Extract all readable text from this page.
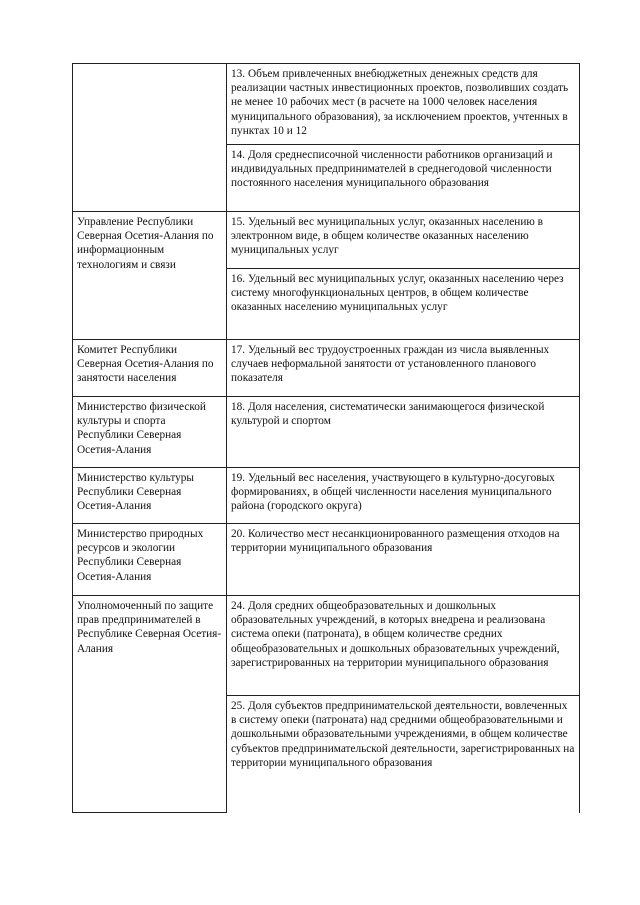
	13. Объем привлеченных внебюджетных денежных средств для реализации частных инвестиционных проектов, позволивших создать не менее 10 рабочих мест (в расчете на 1000 человек населения муниципального образования), за исключением проектов, учтенных в пунктах 10 и 12

	14. Доля среднесписочной численности работников организаций и индивидуальных предпринимателей в среднегодовой численности постоянного населения муниципального образования

Управление Республики Северная Осетия-Алания по информационным технологиям и связи	15. Удельный вес муниципальных услуг, оказанных населению в электронном виде, в общем количестве оказанных населению муниципальных услуг

	16. Удельный вес муниципальных услуг, оказанных населению через систему многофункциональных центров, в общем количестве оказанных населению муниципальных услуг

Комитет Республики Северная Осетия-Алания по занятости населения	17. Удельный вес трудоустроенных граждан из числа выявленных случаев неформальной занятости от установленного планового показателя

Министерство физической культуры и спорта Республики Северная Осетия-Алания	18. Доля населения, систематически занимающегося физической культурой и спортом

Министерство культуры Республики Северная Осетия-Алания	19. Удельный вес населения, участвующего в культурно-досуговых формированиях, в общей численности населения муниципального района (городского округа)

Министерство природных ресурсов и экологии Республики Северная Осетия-Алания	20. Количество мест несанкционированного размещения отходов на территории муниципального образования

Уполномоченный по защите прав предпринимателей в Республике Северная Осетия-Алания	24. Доля средних общеобразовательных и дошкольных образовательных учреждений, в которых внедрена и реализована система опеки (патроната), в общем количестве средних общеобразовательных и дошкольных образовательных учреждений, зарегистрированных на территории муниципального образования

	25. Доля субъектов предпринимательской деятельности, вовлеченных в систему опеки (патроната) над средними общеобразовательными и дошкольными образовательными учреждениями, в общем количестве субъектов предпринимательской деятельности, зарегистрированных на территории муниципального образования
